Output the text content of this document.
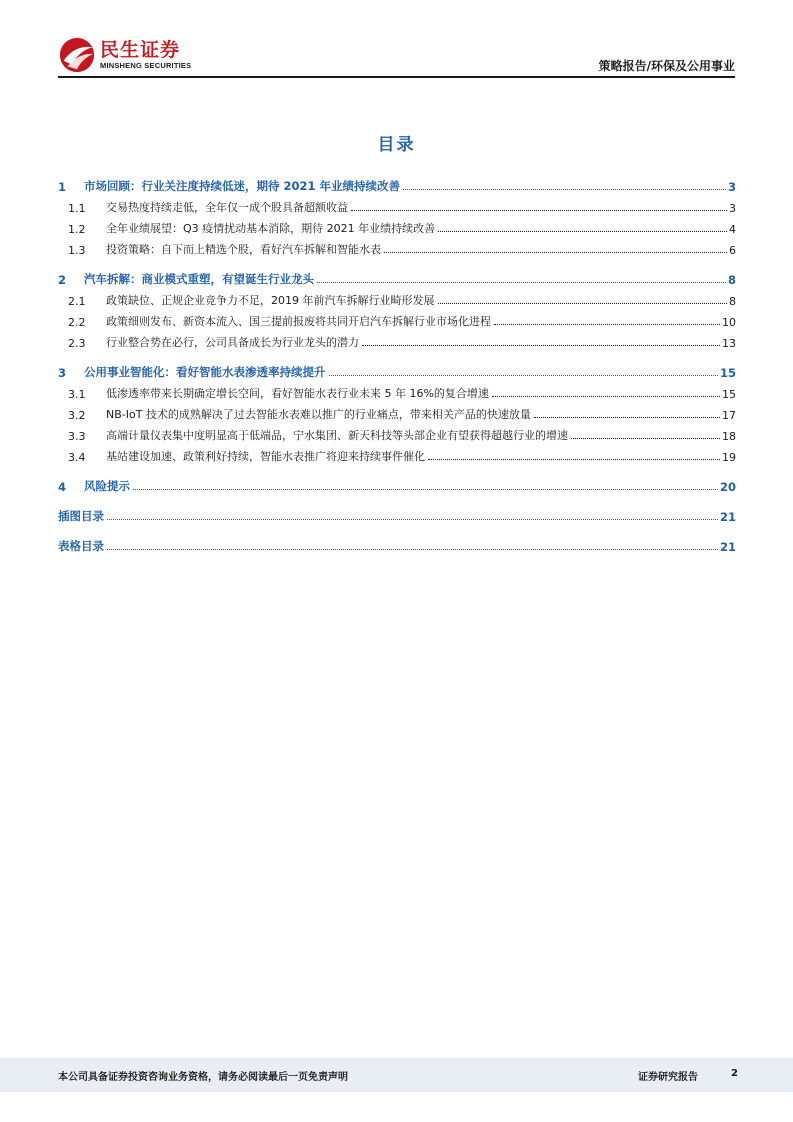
民生证券
MINSHENG SECURITIES	策略报告/环保及公用事业
目录
1	市场回顾：行业关注度持续低迷，期待 2021 年业绩持续改善	3
1.1	交易热度持续走低，全年仅一成个股具备超额收益	3
1.2	全年业绩展望：Q3 疫情扰动基本消除，期待 2021 年业绩持续改善	4
1.3	投资策略：自下而上精选个股，看好汽车拆解和智能水表	6
2	汽车拆解：商业模式重塑，有望诞生行业龙头	8
2.1	政策缺位、正规企业竞争力不足，2019 年前汽车拆解行业畸形发展	8
2.2	政策细则发布、新资本流入、国三提前报废将共同开启汽车拆解行业市场化进程	10
2.3	行业整合势在必行，公司具备成长为行业龙头的潜力	13
3	公用事业智能化：看好智能水表渗透率持续提升	15
3.1	低渗透率带来长期确定增长空间，看好智能水表行业未来 5 年 16%的复合增速	15
3.2	NB-IoT 技术的成熟解决了过去智能水表难以推广的行业痛点，带来相关产品的快速放量	17
3.3	高端计量仪表集中度明显高于低端品，宁水集团、新天科技等头部企业有望获得超越行业的增速	18
3.4	基站建设加速、政策利好持续，智能水表推广将迎来持续事件催化	19
4	风险提示	20
插图目录	21
表格目录	21
本公司具备证券投资咨询业务资格，请务必阅读最后一页免责声明	证券研究报告	2
